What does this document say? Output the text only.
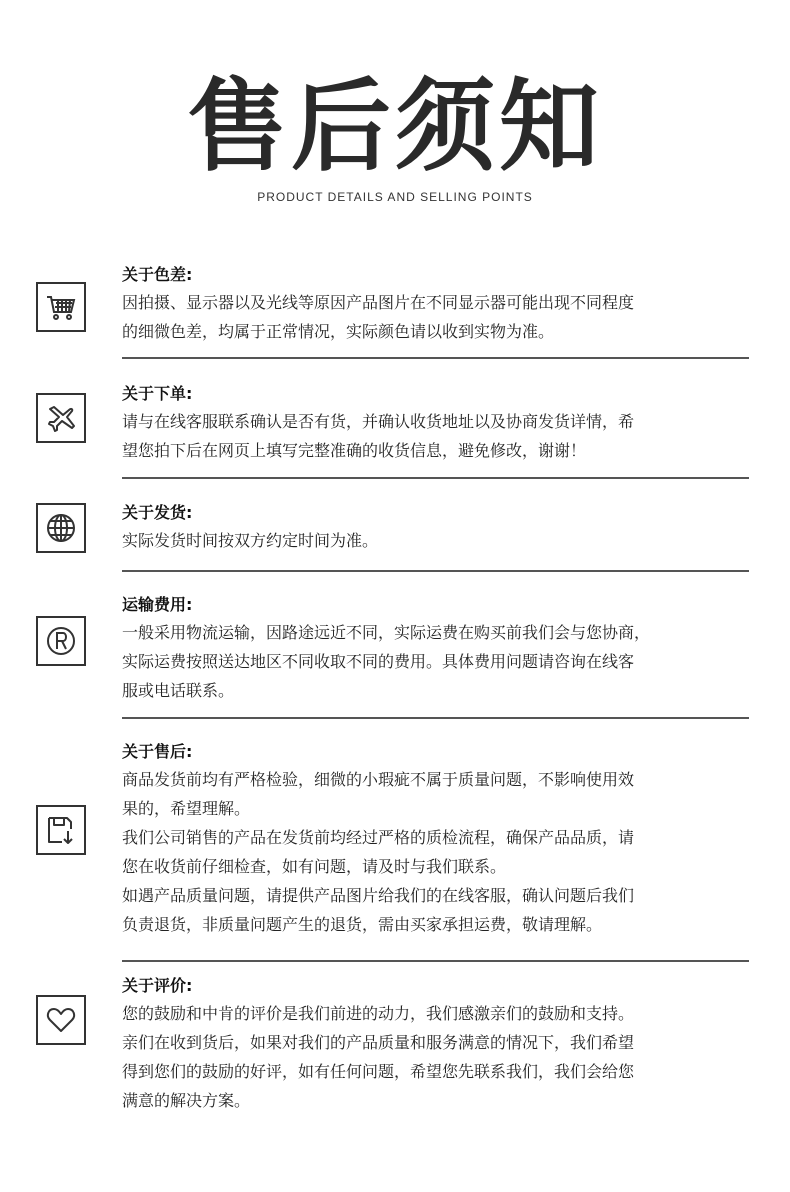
售后须知
PRODUCT DETAILS AND SELLING POINTS
关于色差:

因拍摄、显示器以及光线等原因产品图片在不同显示器可能出现不同程度

的细微色差，均属于正常情况，实际颜色请以收到实物为准。

关于下单:

请与在线客服联系确认是否有货，并确认收货地址以及协商发货详情，希

望您拍下后在网页上填写完整准确的收货信息，避免修改，谢谢！

关于发货:

实际发货时间按双方约定时间为准。

运输费用:

一般采用物流运输，因路途远近不同，实际运费在购买前我们会与您协商，

实际运费按照送达地区不同收取不同的费用。具体费用问题请咨询在线客

服或电话联系。

关于售后:

商品发货前均有严格检验，细微的小瑕疵不属于质量问题，不影响使用效

果的，希望理解。

我们公司销售的产品在发货前均经过严格的质检流程，确保产品品质，请

您在收货前仔细检查，如有问题，请及时与我们联系。

如遇产品质量问题，请提供产品图片给我们的在线客服，确认问题后我们

负责退货，非质量问题产生的退货，需由买家承担运费，敬请理解。

关于评价:

您的鼓励和中肯的评价是我们前进的动力，我们感激亲们的鼓励和支持。

亲们在收到货后，如果对我们的产品质量和服务满意的情况下，我们希望

得到您们的鼓励的好评，如有任何问题，希望您先联系我们，我们会给您

满意的解决方案。
